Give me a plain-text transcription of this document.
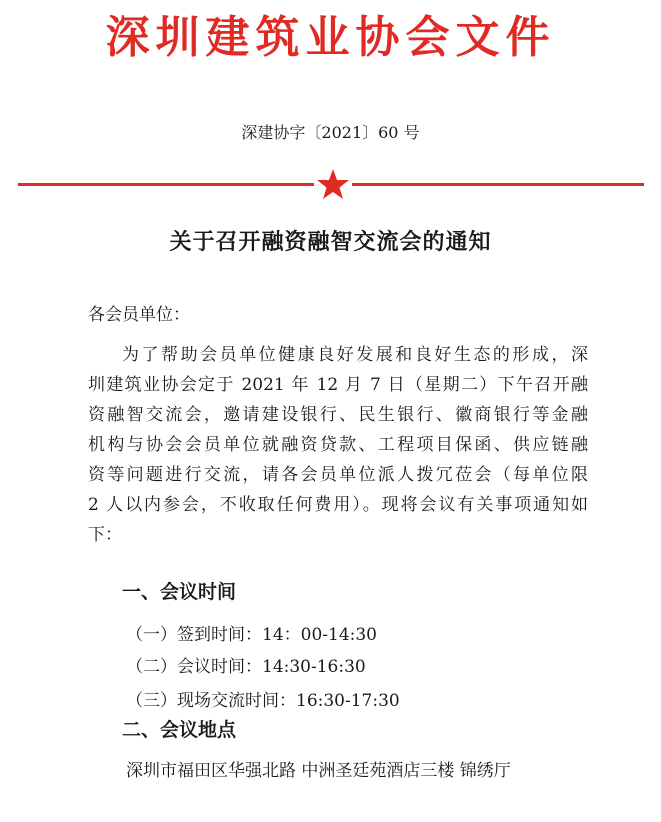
深圳建筑业协会文件
深建协字〔2021〕60 号
关于召开融资融智交流会的通知
各会员单位：
为了帮助会员单位健康良好发展和良好生态的形成，深
圳建筑业协会定于 2021 年 12 月 7 日（星期二）下午召开融
资融智交流会，邀请建设银行、民生银行、徽商银行等金融
机构与协会会员单位就融资贷款、工程项目保函、供应链融
资等问题进行交流，请各会员单位派人拨冗莅会（每单位限
2 人以内参会，不收取任何费用）。现将会议有关事项通知如
下：
一、会议时间
（一）签到时间：14：00-14:30
（二）会议时间：14:30-16:30
（三）现场交流时间：16:30-17:30
二、会议地点
深圳市福田区华强北路 中洲圣廷苑酒店三楼 锦绣厅
